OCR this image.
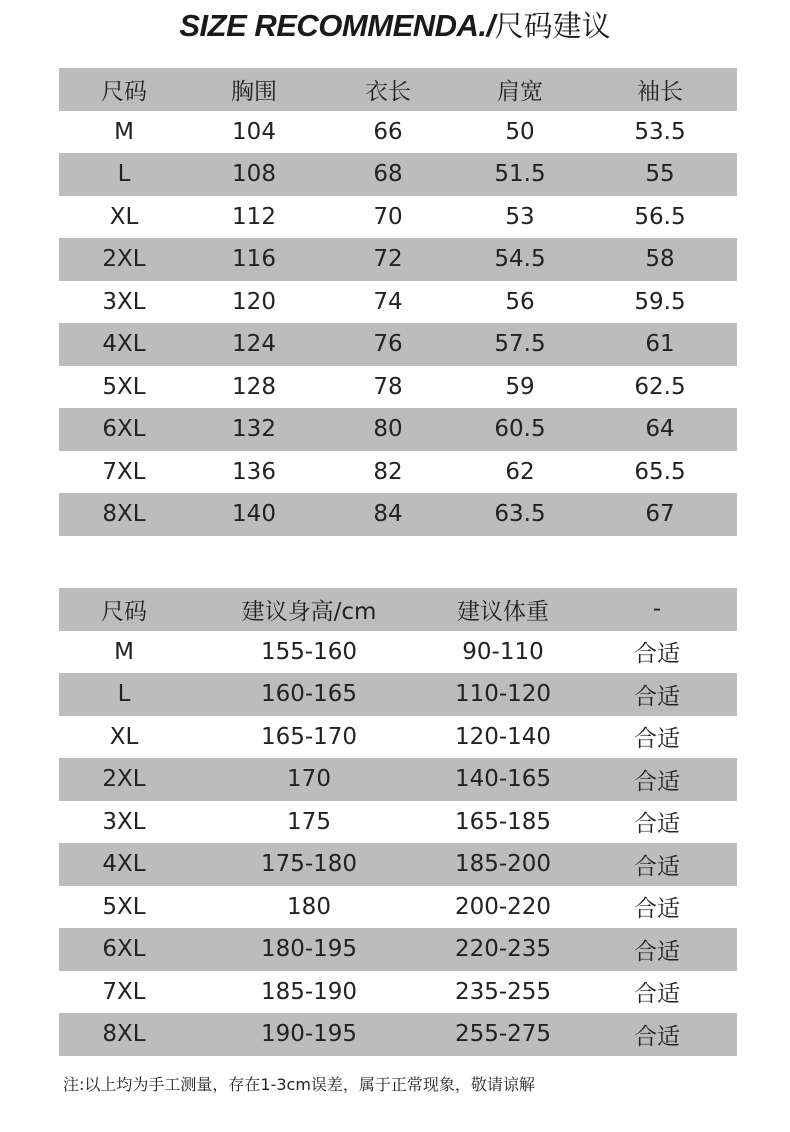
SIZE RECOMMENDA./尺码建议
尺码	胸围	衣长	肩宽	袖长
M	104	66	50	53.5
L	108	68	51.5	55
XL	112	70	53	56.5
2XL	116	72	54.5	58
3XL	120	74	56	59.5
4XL	124	76	57.5	61
5XL	128	78	59	62.5
6XL	132	80	60.5	64
7XL	136	82	62	65.5
8XL	140	84	63.5	67
尺码	建议身高/cm	建议体重	-
M	155-160	90-110	合适
L	160-165	110-120	合适
XL	165-170	120-140	合适
2XL	170	140-165	合适
3XL	175	165-185	合适
4XL	175-180	185-200	合适
5XL	180	200-220	合适
6XL	180-195	220-235	合适
7XL	185-190	235-255	合适
8XL	190-195	255-275	合适
注:以上均为手工测量，存在1-3cm误差，属于正常现象，敬请谅解
